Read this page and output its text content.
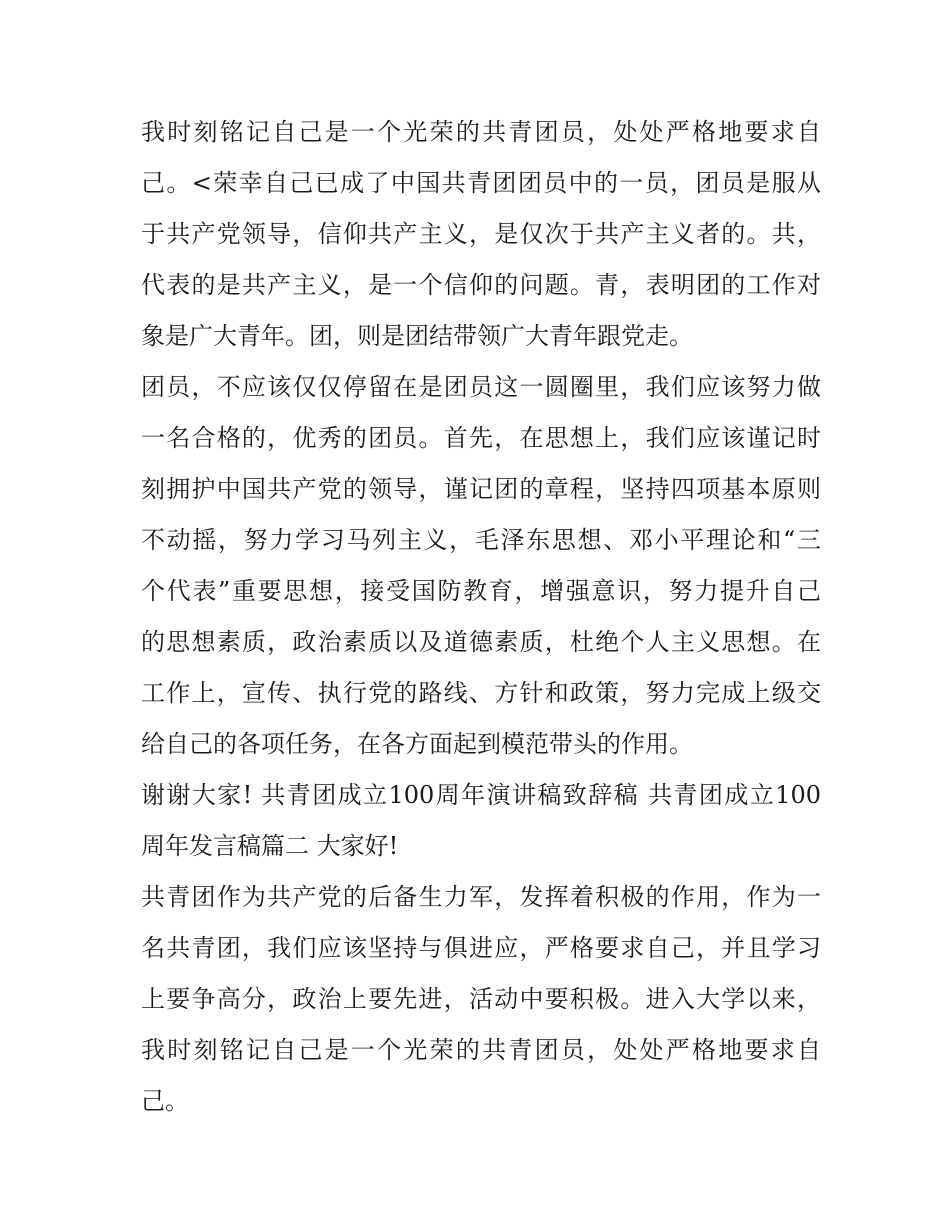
我时刻铭记自己是一个光荣的共青团员，处处严格地要求自
己。<荣幸自己已成了中国共青团团员中的一员，团员是服从
于共产党领导，信仰共产主义，是仅次于共产主义者的。共，
代表的是共产主义，是一个信仰的问题。青，表明团的工作对
象是广大青年。团，则是团结带领广大青年跟党走。
团员，不应该仅仅停留在是团员这一圆圈里，我们应该努力做
一名合格的，优秀的团员。首先，在思想上，我们应该谨记时
刻拥护中国共产党的领导，谨记团的章程，坚持四项基本原则
不动摇，努力学习马列主义，毛泽东思想、邓小平理论和“三
个代表”重要思想，接受国防教育，增强意识，努力提升自己
的思想素质，政治素质以及道德素质，杜绝个人主义思想。在
工作上，宣传、执行党的路线、方针和政策，努力完成上级交
给自己的各项任务，在各方面起到模范带头的作用。
谢谢大家! 共青团成立100周年演讲稿致辞稿 共青团成立100
周年发言稿篇二 大家好!
共青团作为共产党的后备生力军，发挥着积极的作用，作为一
名共青团，我们应该坚持与俱进应，严格要求自己，并且学习
上要争高分，政治上要先进，活动中要积极。进入大学以来，
我时刻铭记自己是一个光荣的共青团员，处处严格地要求自
己。
